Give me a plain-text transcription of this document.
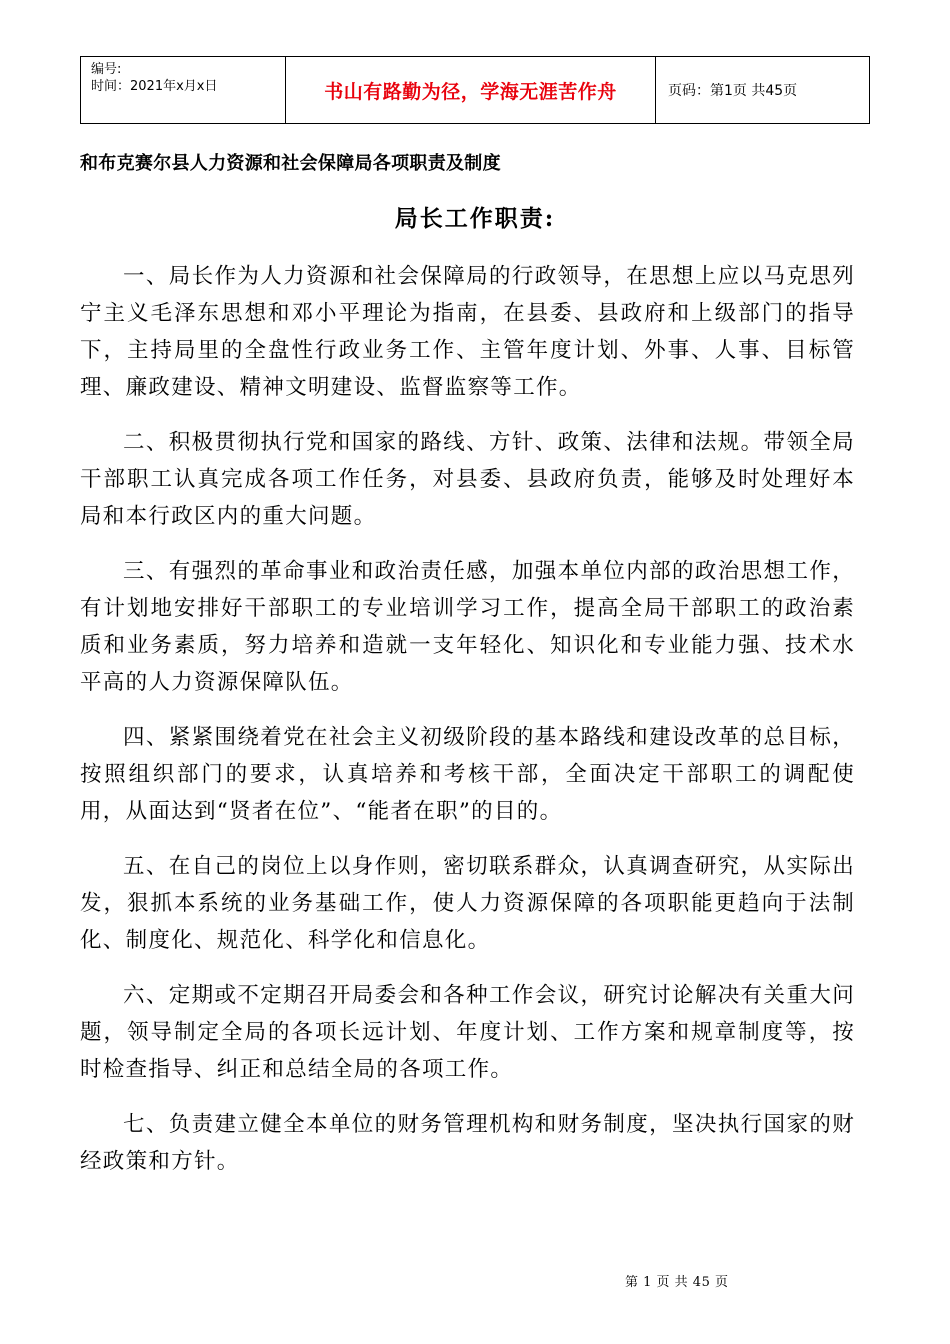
编号:
时间：2021年x月x日	书山有路勤为径，学海无涯苦作舟	页码：第1页 共45页
和布克赛尔县人力资源和社会保障局各项职责及制度
局长工作职责:

一、局长作为人力资源和社会保障局的行政领导，在思想上应以马克思列宁主义毛泽东思想和邓小平理论为指南，在县委、县政府和上级部门的指导下，主持局里的全盘性行政业务工作、主管年度计划、外事、人事、目标管理、廉政建设、精神文明建设、监督监察等工作。

二、积极贯彻执行党和国家的路线、方针、政策、法律和法规。带领全局干部职工认真完成各项工作任务，对县委、县政府负责，能够及时处理好本局和本行政区内的重大问题。

三、有强烈的革命事业和政治责任感，加强本单位内部的政治思想工作，有计划地安排好干部职工的专业培训学习工作，提高全局干部职工的政治素质和业务素质，努力培养和造就一支年轻化、知识化和专业能力强、技术水平高的人力资源保障队伍。

四、紧紧围绕着党在社会主义初级阶段的基本路线和建设改革的总目标，按照组织部门的要求，认真培养和考核干部，全面决定干部职工的调配使用，从面达到“贤者在位”、“能者在职”的目的。

五、在自己的岗位上以身作则，密切联系群众，认真调查研究，从实际出发，狠抓本系统的业务基础工作，使人力资源保障的各项职能更趋向于法制化、制度化、规范化、科学化和信息化。

六、定期或不定期召开局委会和各种工作会议，研究讨论解决有关重大问题，领导制定全局的各项长远计划、年度计划、工作方案和规章制度等，按时检查指导、纠正和总结全局的各项工作。

七、负责建立健全本单位的财务管理机构和财务制度，坚决执行国家的财经政策和方针。

第 1 页 共 45 页
